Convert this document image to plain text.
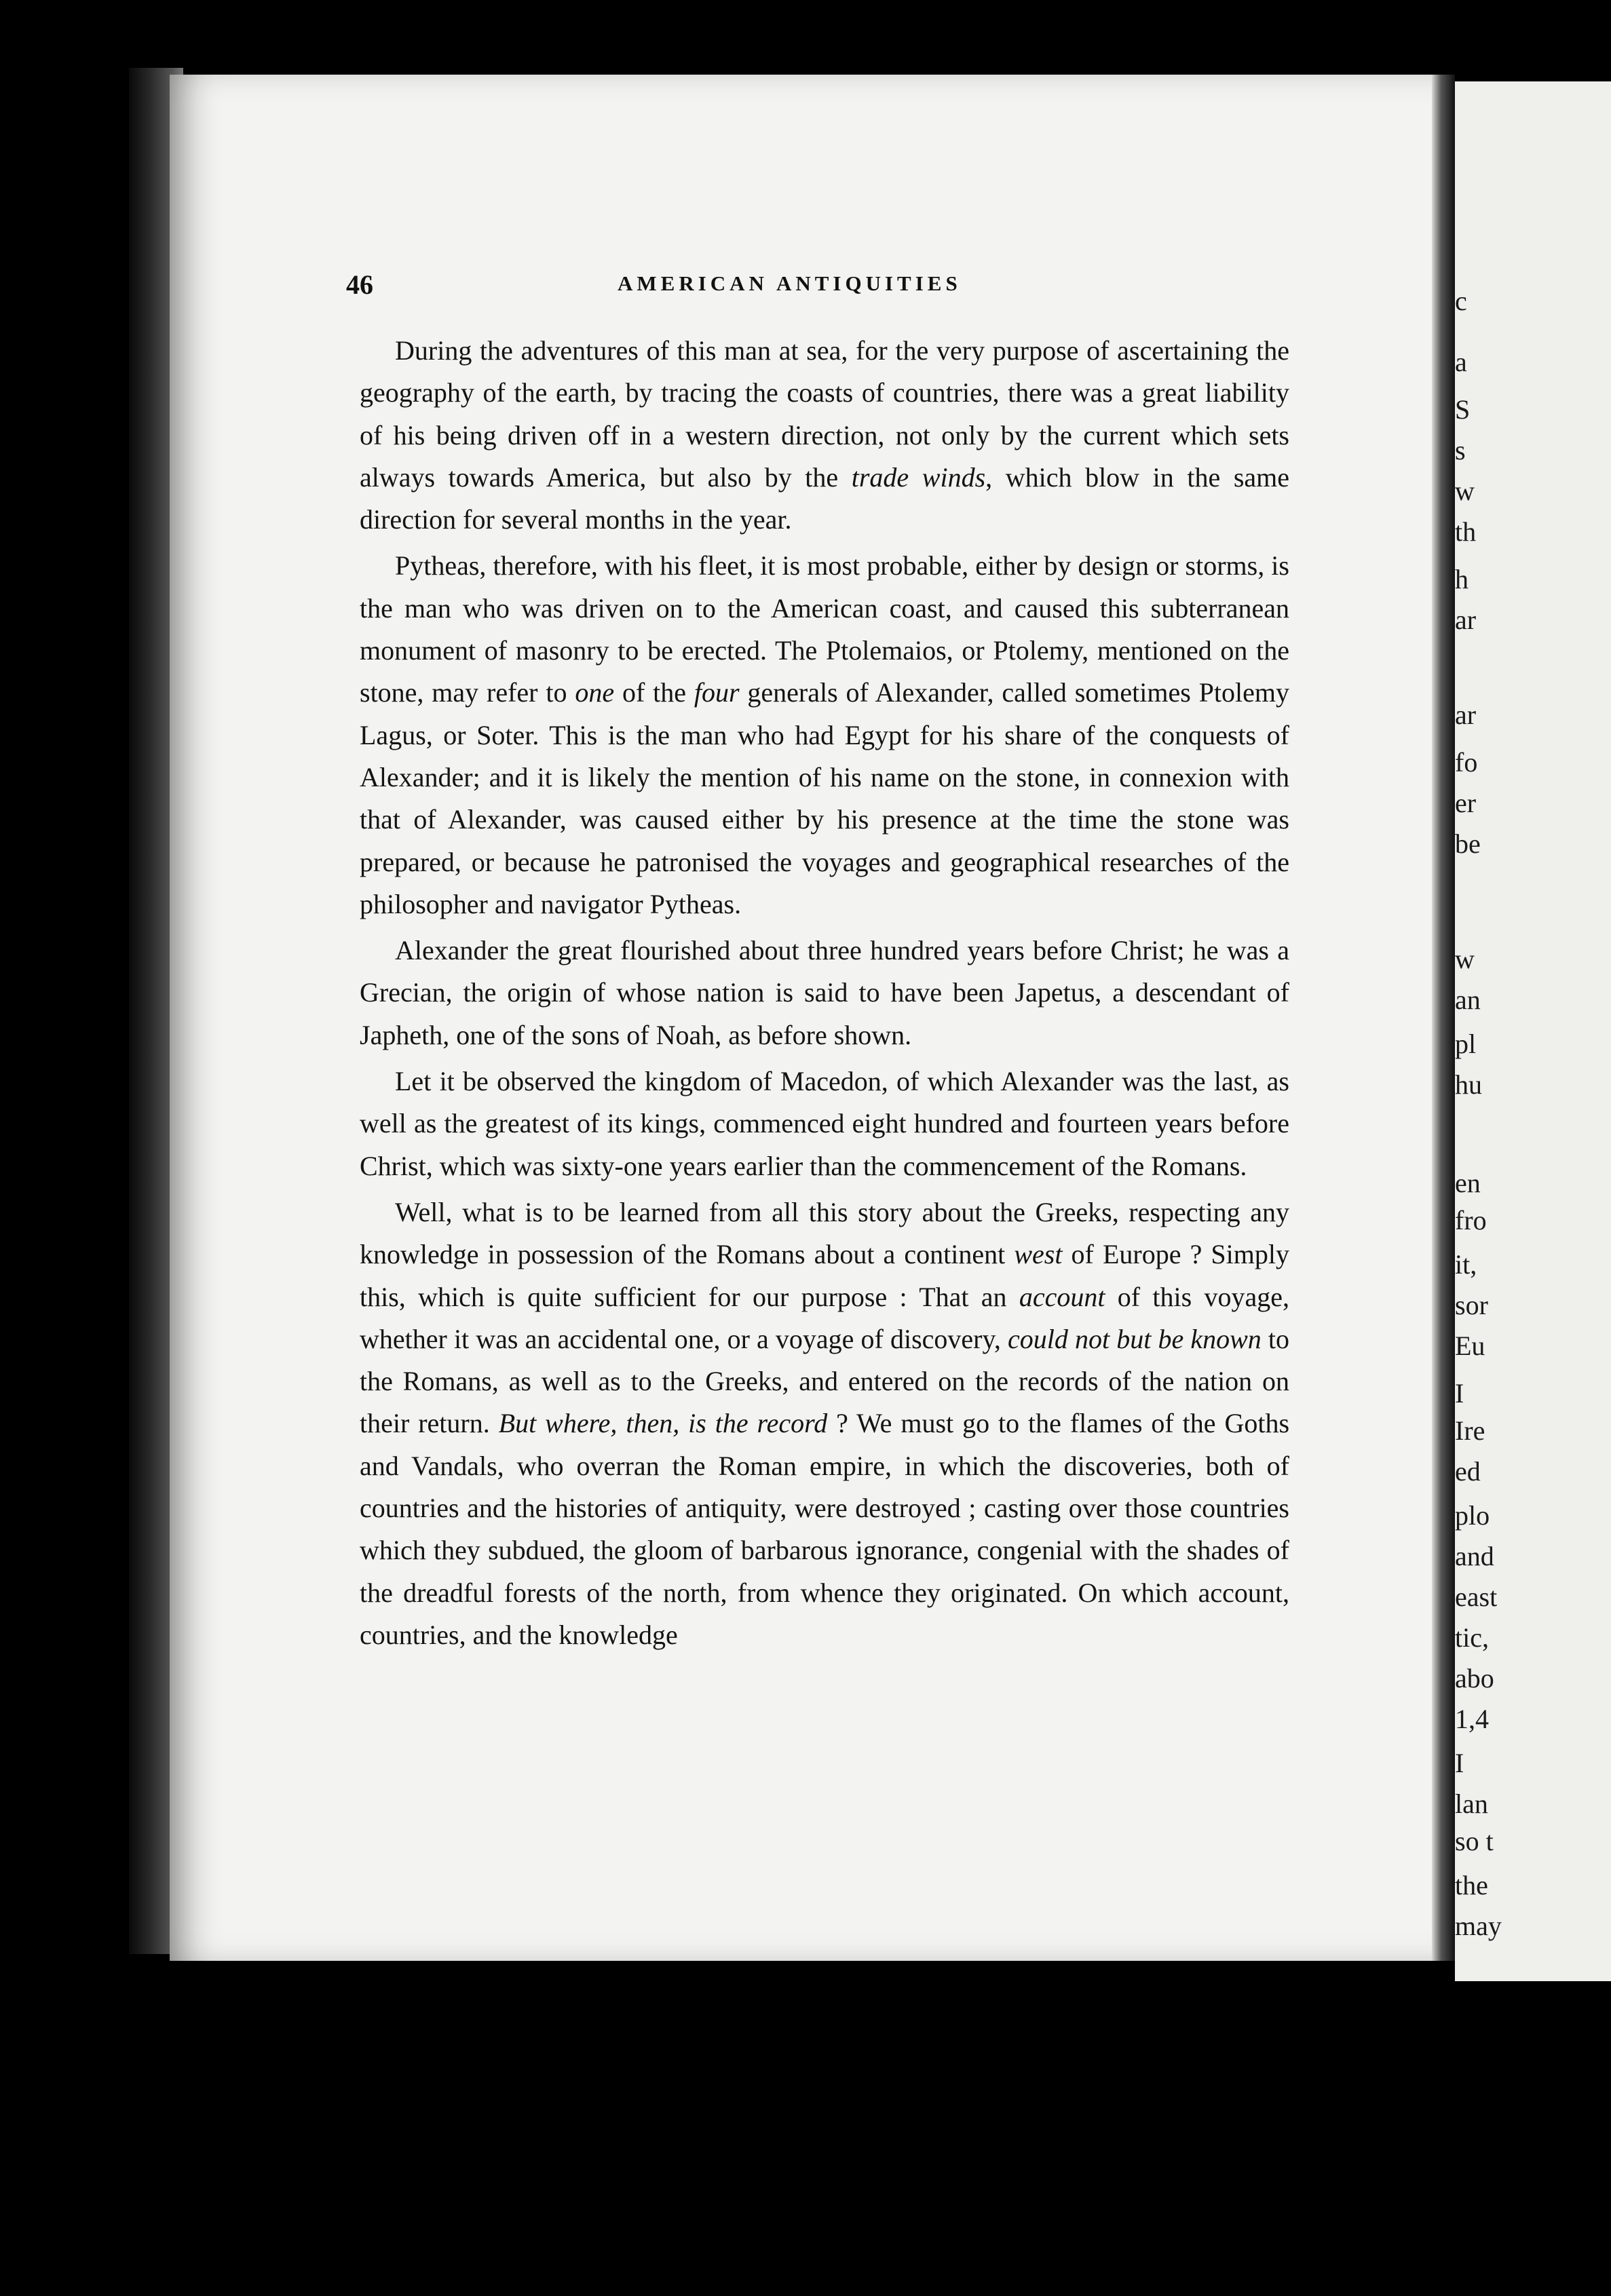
46	AMERICAN ANTIQUITIES

During the adventures of this man at sea, for the very purpose of ascertaining the geography of the earth, by tracing the coasts of countries, there was a great liability of his being driven off in a western direction, not only by the current which sets always towards America, but also by the trade winds, which blow in the same direction for several months in the year.

Pytheas, therefore, with his fleet, it is most probable, either by design or storms, is the man who was driven on to the American coast, and caused this subterranean monument of masonry to be erected. The Ptolemaios, or Ptolemy, mentioned on the stone, may refer to one of the four generals of Alexander, called sometimes Ptolemy Lagus, or Soter. This is the man who had Egypt for his share of the conquests of Alexander; and it is likely the mention of his name on the stone, in connexion with that of Alexander, was caused either by his presence at the time the stone was prepared, or because he patronised the voyages and geographical researches of the philosopher and navigator Pytheas.

Alexander the great flourished about three hundred years before Christ; he was a Grecian, the origin of whose nation is said to have been Japetus, a descendant of Japheth, one of the sons of Noah, as before shown.

Let it be observed the kingdom of Macedon, of which Alexander was the last, as well as the greatest of its kings, commenced eight hundred and fourteen years before Christ, which was sixty-one years earlier than the commencement of the Romans.

Well, what is to be learned from all this story about the Greeks, respecting any knowledge in possession of the Romans about a continent west of Europe ? Simply this, which is quite sufficient for our purpose : That an account of this voyage, whether it was an accidental one, or a voyage of discovery, could not but be known to the Romans, as well as to the Greeks, and entered on the records of the nation on their return. But where, then, is the record ? We must go to the flames of the Goths and Vandals, who overran the Roman empire, in which the discoveries, both of countries and the histories of antiquity, were destroyed ; casting over those countries which they subdued, the gloom of barbarous ignorance, congenial with the shades of the dreadful forests of the north, from whence they originated. On which account, countries, and the knowledge

c
a
S
s
w
th
h
ar
ar
fo
er
be
w
an
pl
hu
en
fro
it,
sor
Eu
I
Ire
ed
plo
and
east
tic,
abo
1,4
I
lan
so t
the
may
